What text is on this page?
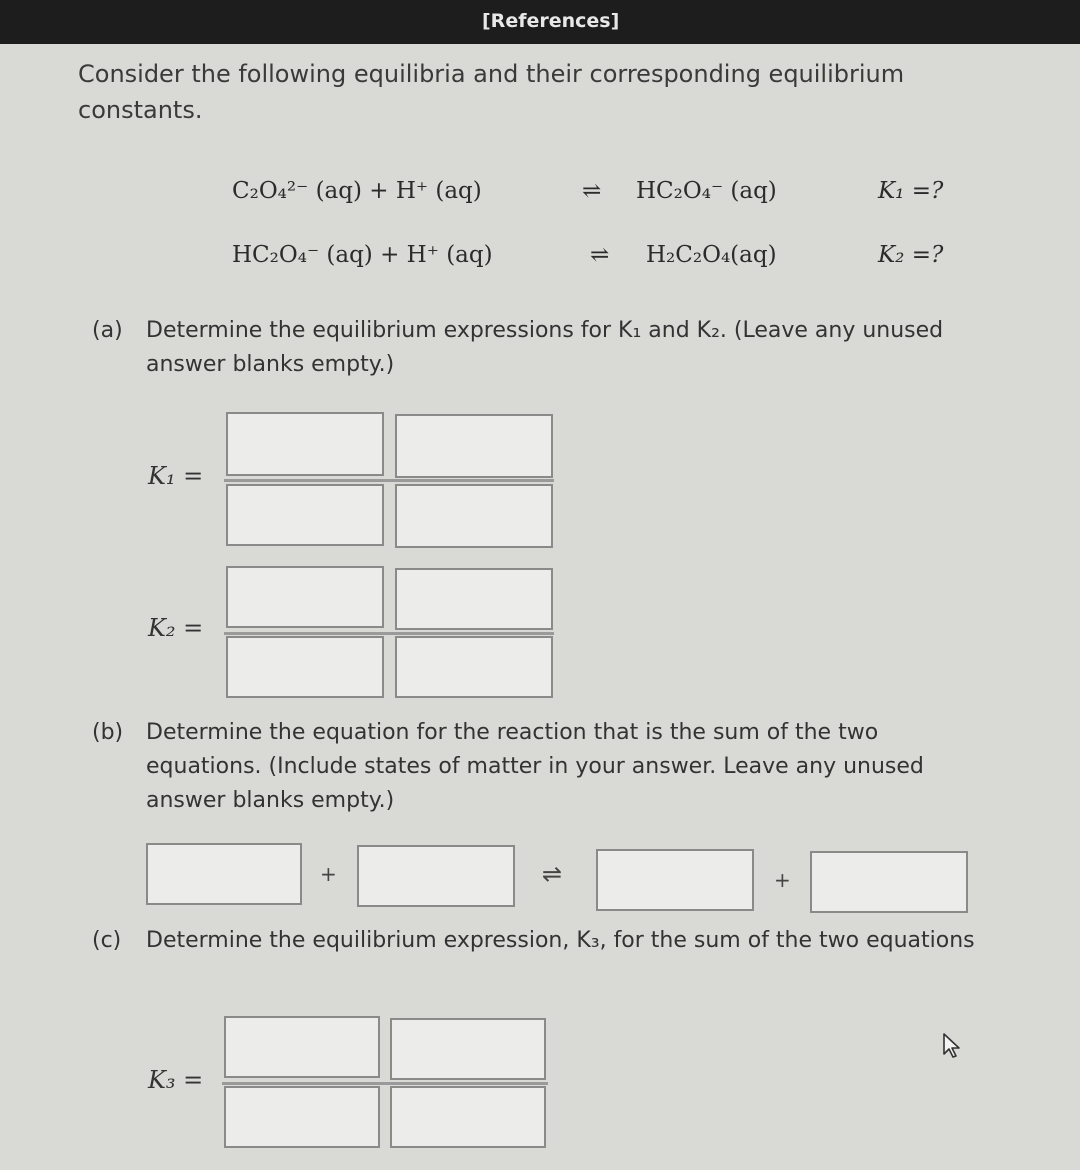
[References]
Consider the following equilibria and their corresponding equilibrium constants.
C₂O₄²⁻ (aq) + H⁺ (aq)	⇌ HC₂O₄⁻ (aq)	K₁ =?
HC₂O₄⁻ (aq) + H⁺ (aq)	⇌ H₂C₂O₄(aq)	K₂ =?
(a) Determine the equilibrium expressions for K₁ and K₂. (Leave any unused answer blanks empty.)
K₁ =
K₂ =
(b) Determine the equation for the reaction that is the sum of the two equations. (Include states of matter in your answer. Leave any unused answer blanks empty.)
+	⇌	+
(c) Determine the equilibrium expression, K₃, for the sum of the two equations
K₃ =
